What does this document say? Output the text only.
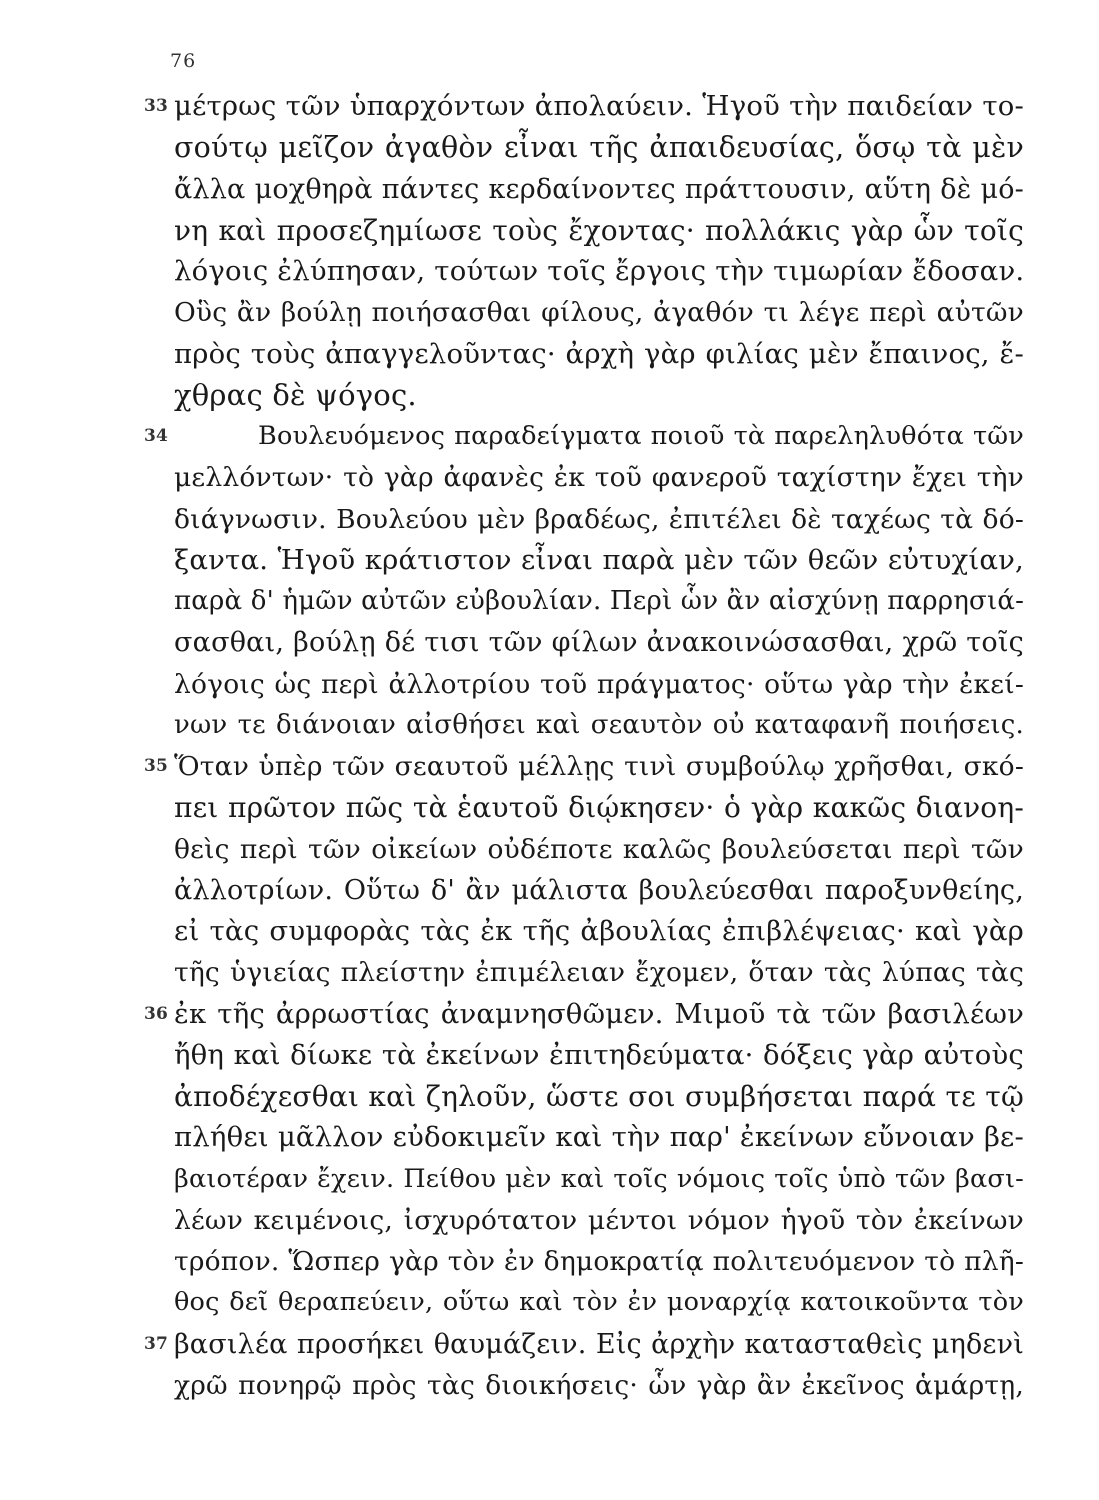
76
33 μέτρως τῶν ὑπαρχόντων ἀπολαύειν. Ἡγοῦ τὴν παιδείαν το-
σούτῳ μεῖζον ἀγαθὸν εἶναι τῆς ἀπαιδευσίας, ὅσῳ τὰ μὲν
ἄλλα μοχθηρὰ πάντες κερδαίνοντες πράττουσιν, αὕτη δὲ μό-
νη καὶ προσεζημίωσε τοὺς ἔχοντας· πολλάκις γὰρ ὧν τοῖς
λόγοις ἐλύπησαν, τούτων τοῖς ἔργοις τὴν τιμωρίαν ἔδοσαν.
Οὓς ἂν βούλῃ ποιήσασθαι φίλους, ἀγαθόν τι λέγε περὶ αὐτῶν
πρὸς τοὺς ἀπαγγελοῦντας· ἀρχὴ γὰρ φιλίας μὲν ἔπαινος, ἔ-
χθρας δὲ ψόγος.
34	Βουλευόμενος παραδείγματα ποιοῦ τὰ παρεληλυθότα τῶν
μελλόντων· τὸ γὰρ ἀφανὲς ἐκ τοῦ φανεροῦ ταχίστην ἔχει τὴν
διάγνωσιν. Βουλεύου μὲν βραδέως, ἐπιτέλει δὲ ταχέως τὰ δό-
ξαντα. Ἡγοῦ κράτιστον εἶναι παρὰ μὲν τῶν θεῶν εὐτυχίαν,
παρὰ δ' ἡμῶν αὐτῶν εὐβουλίαν. Περὶ ὧν ἂν αἰσχύνῃ παρρησιά-
σασθαι, βούλῃ δέ τισι τῶν φίλων ἀνακοινώσασθαι, χρῶ τοῖς
λόγοις ὡς περὶ ἀλλοτρίου τοῦ πράγματος· οὕτω γὰρ τὴν ἐκεί-
νων τε διάνοιαν αἰσθήσει καὶ σεαυτὸν οὐ καταφανῆ ποιήσεις.
35 Ὅταν ὑπὲρ τῶν σεαυτοῦ μέλλῃς τινὶ συμβούλῳ χρῆσθαι, σκό-
πει πρῶτον πῶς τὰ ἑαυτοῦ διῴκησεν· ὁ γὰρ κακῶς διανοη-
θεὶς περὶ τῶν οἰκείων οὐδέποτε καλῶς βουλεύσεται περὶ τῶν
ἀλλοτρίων. Οὕτω δ' ἂν μάλιστα βουλεύεσθαι παροξυνθείης,
εἰ τὰς συμφορὰς τὰς ἐκ τῆς ἀβουλίας ἐπιβλέψειας· καὶ γὰρ
τῆς ὑγιείας πλείστην ἐπιμέλειαν ἔχομεν, ὅταν τὰς λύπας τὰς
36 ἐκ τῆς ἀρρωστίας ἀναμνησθῶμεν. Μιμοῦ τὰ τῶν βασιλέων
ἤθη καὶ δίωκε τὰ ἐκείνων ἐπιτηδεύματα· δόξεις γὰρ αὐτοὺς
ἀποδέχεσθαι καὶ ζηλοῦν, ὥστε σοι συμβήσεται παρά τε τῷ
πλήθει μᾶλλον εὐδοκιμεῖν καὶ τὴν παρ' ἐκείνων εὔνοιαν βε-
βαιοτέραν ἔχειν. Πείθου μὲν καὶ τοῖς νόμοις τοῖς ὑπὸ τῶν βασι-
λέων κειμένοις, ἰσχυρότατον μέντοι νόμον ἡγοῦ τὸν ἐκείνων
τρόπον. Ὥσπερ γὰρ τὸν ἐν δημοκρατίᾳ πολιτευόμενον τὸ πλῆ-
θος δεῖ θεραπεύειν, οὕτω καὶ τὸν ἐν μοναρχίᾳ κατοικοῦντα τὸν
37 βασιλέα προσήκει θαυμάζειν. Εἰς ἀρχὴν κατασταθεὶς μηδενὶ
χρῶ πονηρῷ πρὸς τὰς διοικήσεις· ὧν γὰρ ἂν ἐκεῖνος ἁμάρτῃ,
